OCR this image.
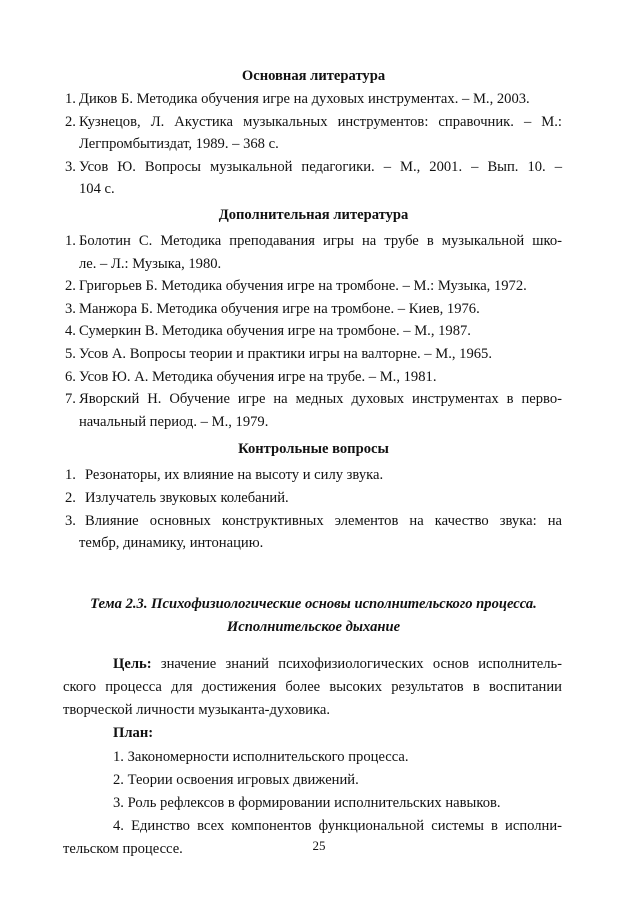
Основная литература

1. Диков Б. Методика обучения игре на духовых инструментах. – М., 2003.
2. Кузнецов, Л. Акустика музыкальных инструментов: справочник. – М.:
Легпромбытиздат, 1989. – 368 с.
3. Усов Ю. Вопросы музыкальной педагогики. – М., 2001. – Вып. 10. –
104 с.

Дополнительная литература

1. Болотин С. Методика преподавания игры на трубе в музыкальной шко-
ле. – Л.: Музыка, 1980.
2. Григорьев Б. Методика обучения игре на тромбоне. – М.: Музыка, 1972.
3. Манжора Б. Методика обучения игре на тромбоне. – Киев, 1976.
4. Сумеркин В. Методика обучения игре на тромбоне. – М., 1987.
5. Усов А. Вопросы теории и практики игры на валторне. – М., 1965.
6. Усов Ю. А. Методика обучения игре на трубе. – М., 1981.
7. Яворский Н. Обучение игре на медных духовых инструментах в перво-
начальный период. – М., 1979.

Контрольные вопросы

1. Резонаторы, их влияние на высоту и силу звука.
2. Излучатель звуковых колебаний.
3. Влияние основных конструктивных элементов на качество звука: на
тембр, динамику, интонацию.

Тема 2.3. Психофизиологические основы исполнительского процесса.

Исполнительское дыхание

Цель: значение знаний психофизиологических основ исполнитель-
ского процесса для достижения более высоких результатов в воспитании
творческой личности музыканта-духовика.
План:
1. Закономерности исполнительского процесса.
2. Теории освоения игровых движений.
3. Роль рефлексов в формировании исполнительских навыков.
4. Единство всех компонентов функциональной системы в исполни-
тельском процессе.	25
